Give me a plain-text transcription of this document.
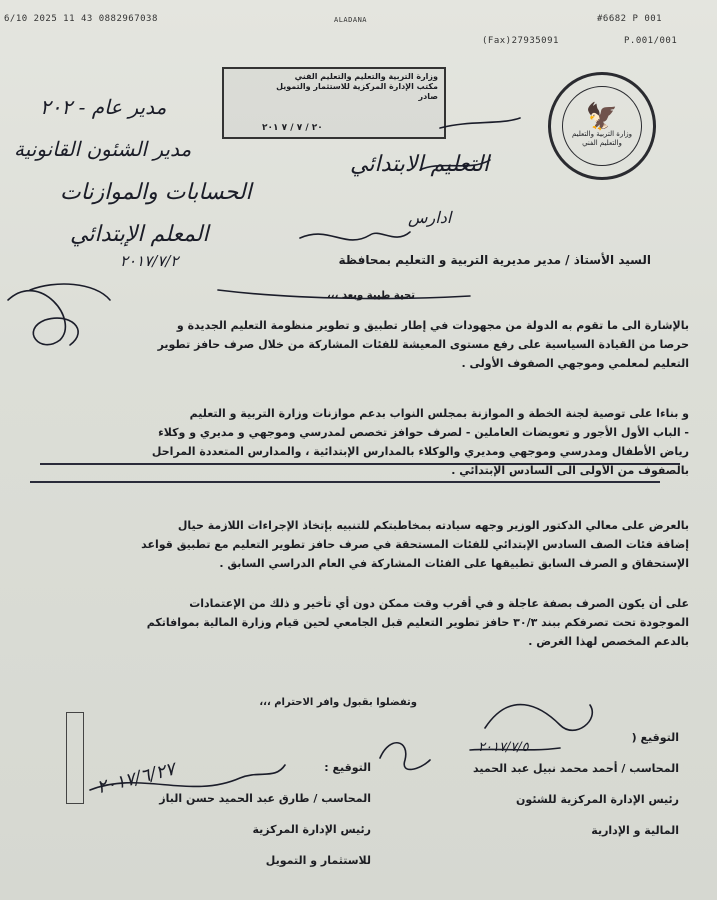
6/10 2025 11 43 0882967038	ALADANA	#6682 P 001
(Fax)27935091	P.001/001
🦅
وزارة التربية والتعليم والتعليم الفني
وزارة التربية والتعليم والتعليم الفني
مكتب الإدارة المركزية للاستثمار والتمويل
صادر
٢٠ / ٧ / ٧ ٢٠١
مدير عام - ٢٠٢
مدير الشئون القانونية
الحسابات والموازنات
المعلم الإبتدائي
التعليم الابتدائي
ادارس
٢٠١٧/٧/٢	السيد الأستاذ / مدير مديرية التربية و التعليم بمحافظة
تحية طيبة وبعد ،،،
بالإشارة الى ما تقوم به الدولة من مجهودات في إطار تطبيق و تطوير منظومة التعليم الجديدة و
حرصا من القيادة السياسية على رفع مستوى المعيشة للفئات المشاركة من خلال صرف حافز تطوير
التعليم لمعلمي وموجهي الصفوف الأولى .
و بناءا على توصية لجنة الخطة و الموازنة بمجلس النواب بدعم موازنات وزارة التربية و التعليم
- الباب الأول الأجور و تعويضات العاملين - لصرف حوافز تخصص لمدرسي وموجهي و مديري و وكلاء
رياض الأطفال ومدرسي وموجهي ومديري والوكلاء بالمدارس الإبتدائية ، والمدارس المتعددة المراحل
بالصفوف من الأولى الى السادس الإبتدائي .
بالعرض على معالي الدكتور الوزير وجهه سيادته بمخاطبتكم للتنبيه بإتخاذ الإجراءات اللازمة حيال
إضافة فئات الصف السادس الإبتدائي للفئات المستحقة في صرف حافز تطوير التعليم مع تطبيق قواعد
الإستحقاق و الصرف السابق تطبيقها على الفئات المشاركة في العام الدراسي السابق .
على أن يكون الصرف بصفة عاجلة و في أقرب وقت ممكن دون أي تأخير و ذلك من الإعتمادات
الموجودة تحت تصرفكم ببند ٣٠/٣ حافز تطوير التعليم قبل الجامعي لحين قيام وزارة المالية بموافاتكم
بالدعم المخصص لهذا الغرض .
وتفضلوا بقبول وافر الاحترام ،،،
التوقيع (
المحاسب / أحمد محمد نبيل عبد الحميد
رئيس الإدارة المركزية للشئون
المالية و الإدارية
التوقيع :
المحاسب / طارق عبد الحميد حسن الباز
رئيس الإدارة المركزية
للاستثمار و التمويل
٢٠١٧/٧/٥
٢٠١٧/٦/٢٧
